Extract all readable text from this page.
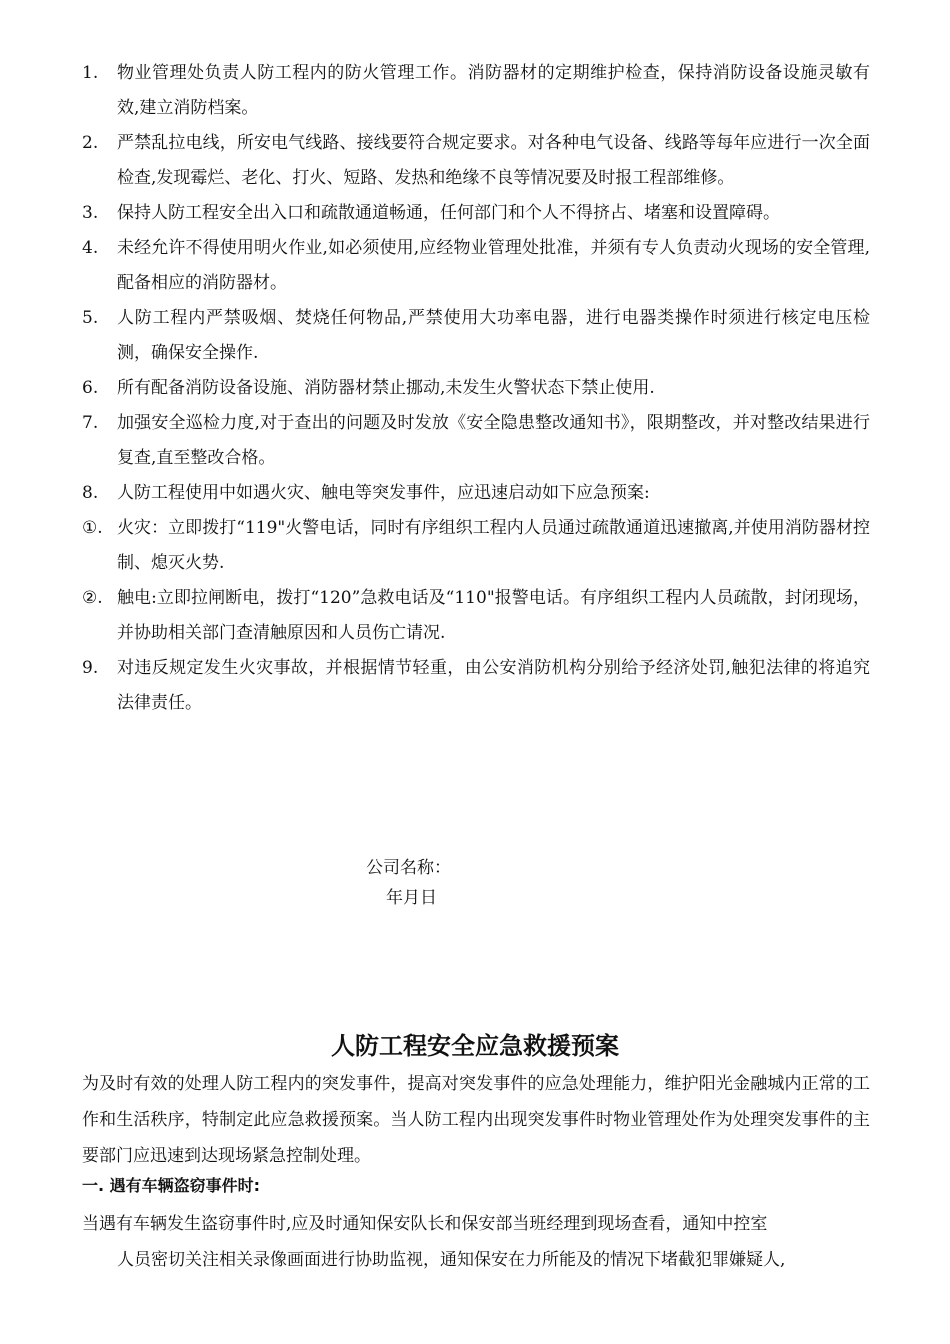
1. 物业管理处负责人防工程内的防火管理工作。消防器材的定期维护检查，保持消防设备设施灵敏有效,建立消防档案。
2. 严禁乱拉电线，所安电气线路、接线要符合规定要求。对各种电气设备、线路等每年应进行一次全面检查,发现霉烂、老化、打火、短路、发热和绝缘不良等情况要及时报工程部维修。
3. 保持人防工程安全出入口和疏散通道畅通，任何部门和个人不得挤占、堵塞和设置障碍。
4. 未经允许不得使用明火作业,如必须使用,应经物业管理处批准，并须有专人负责动火现场的安全管理,配备相应的消防器材。
5. 人防工程内严禁吸烟、焚烧任何物品,严禁使用大功率电器，进行电器类操作时须进行核定电压检测，确保安全操作.
6. 所有配备消防设备设施、消防器材禁止挪动,未发生火警状态下禁止使用.
7. 加强安全巡检力度,对于查出的问题及时发放《安全隐患整改通知书》，限期整改，并对整改结果进行复查,直至整改合格。
8. 人防工程使用中如遇火灾、触电等突发事件，应迅速启动如下应急预案:
①. 火灾：立即拨打“119"火警电话，同时有序组织工程内人员通过疏散通道迅速撤离,并使用消防器材控制、熄灭火势.
②. 触电:立即拉闸断电，拨打“120”急救电话及“110"报警电话。有序组织工程内人员疏散，封闭现场，并协助相关部门查清触原因和人员伤亡请况.
9. 对违反规定发生火灾事故，并根据情节轻重，由公安消防机构分别给予经济处罚,触犯法律的将追究法律责任。
公司名称：
年月日
人防工程安全应急救援预案
为及时有效的处理人防工程内的突发事件，提高对突发事件的应急处理能力，维护阳光金融城内正常的工作和生活秩序，特制定此应急救援预案。当人防工程内出现突发事件时物业管理处作为处理突发事件的主要部门应迅速到达现场紧急控制处理。
一. 遇有车辆盗窃事件时:
当遇有车辆发生盗窃事件时,应及时通知保安队长和保安部当班经理到现场查看，通知中控室
人员密切关注相关录像画面进行协助监视，通知保安在力所能及的情况下堵截犯罪嫌疑人,
